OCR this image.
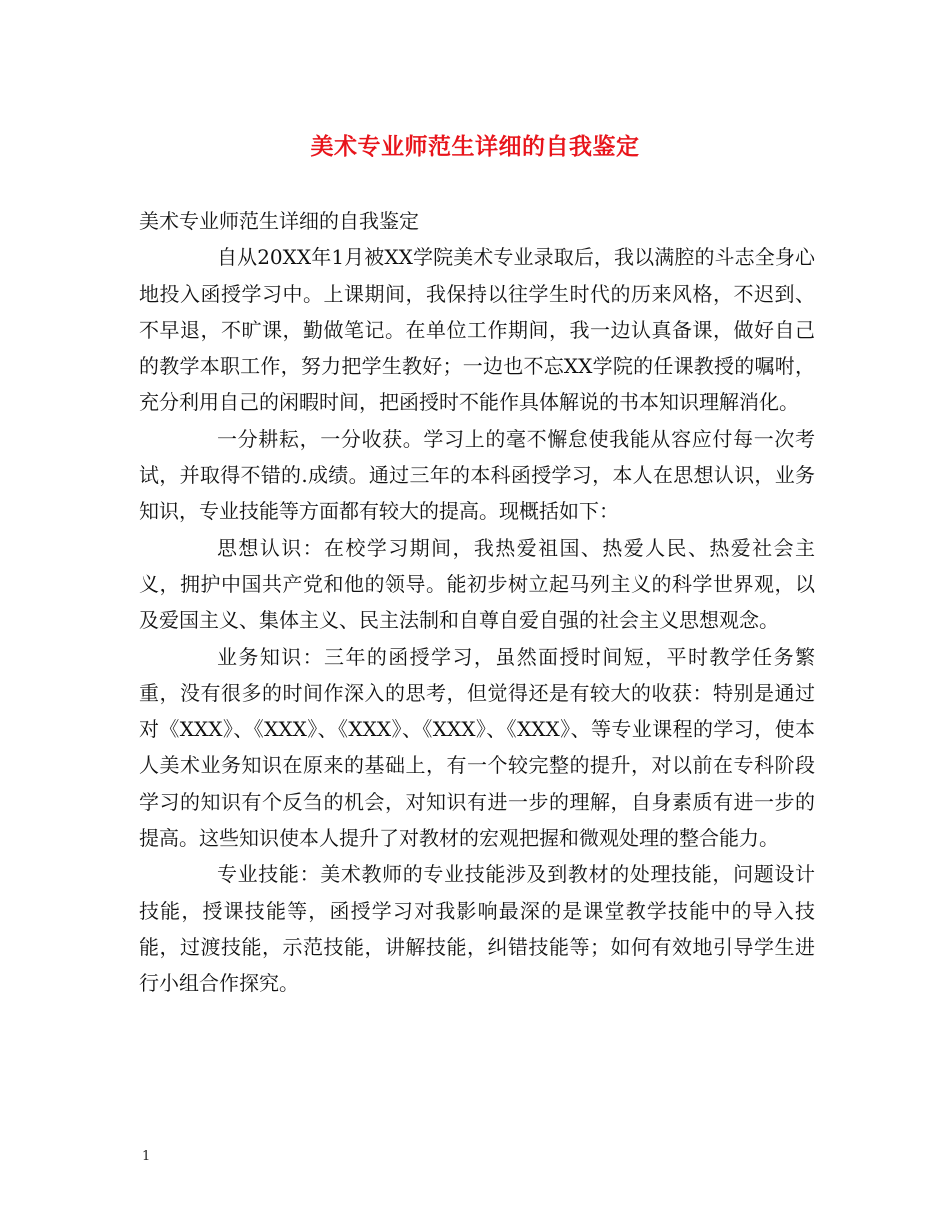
美术专业师范生详细的自我鉴定

美术专业师范生详细的自我鉴定

自从20XX年1月被XX学院美术专业录取后，我以满腔的斗志全身心地投入函授学习中。上课期间，我保持以往学生时代的历来风格，不迟到、不早退，不旷课，勤做笔记。在单位工作期间，我一边认真备课，做好自己的教学本职工作，努力把学生教好；一边也不忘XX学院的任课教授的嘱咐，充分利用自己的闲暇时间，把函授时不能作具体解说的书本知识理解消化。

一分耕耘，一分收获。学习上的毫不懈怠使我能从容应付每一次考试，并取得不错的.成绩。通过三年的本科函授学习，本人在思想认识，业务知识，专业技能等方面都有较大的提高。现概括如下：

思想认识：在校学习期间，我热爱祖国、热爱人民、热爱社会主义，拥护中国共产党和他的领导。能初步树立起马列主义的科学世界观，以及爱国主义、集体主义、民主法制和自尊自爱自强的社会主义思想观念。

业务知识：三年的函授学习，虽然面授时间短，平时教学任务繁重，没有很多的时间作深入的思考，但觉得还是有较大的收获：特别是通过对《XXX》、《XXX》、《XXX》、《XXX》、《XXX》、等专业课程的学习，使本人美术业务知识在原来的基础上，有一个较完整的提升，对以前在专科阶段学习的知识有个反刍的机会，对知识有进一步的理解，自身素质有进一步的提高。这些知识使本人提升了对教材的宏观把握和微观处理的整合能力。

专业技能：美术教师的专业技能涉及到教材的处理技能，问题设计技能，授课技能等，函授学习对我影响最深的是课堂教学技能中的导入技能，过渡技能，示范技能，讲解技能，纠错技能等；如何有效地引导学生进行小组合作探究。

1
